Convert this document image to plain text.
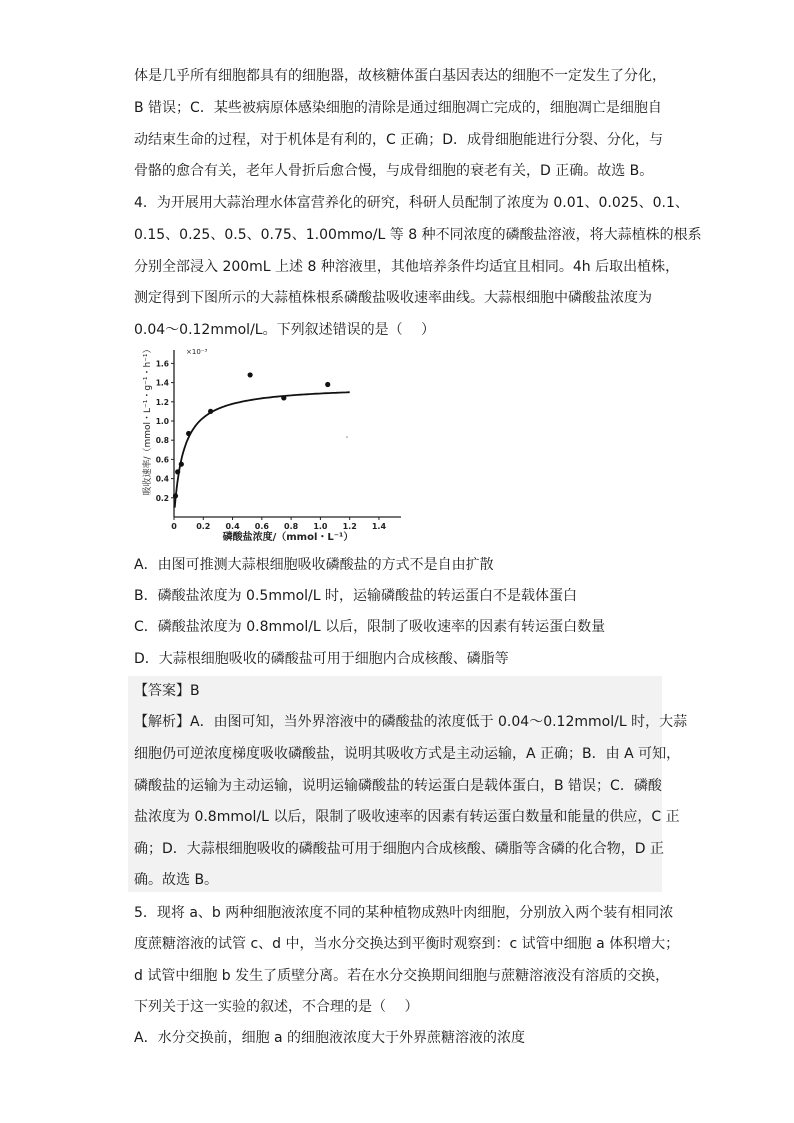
体是几乎所有细胞都具有的细胞器，故核糖体蛋白基因表达的细胞不一定发生了分化，
B 错误；C．某些被病原体感染细胞的清除是通过细胞凋亡完成的，细胞凋亡是细胞自
动结束生命的过程，对于机体是有利的，C 正确；D．成骨细胞能进行分裂、分化，与
骨骼的愈合有关，老年人骨折后愈合慢，与成骨细胞的衰老有关，D 正确。故选 B。
4．为开展用大蒜治理水体富营养化的研究，科研人员配制了浓度为 0.01、0.025、0.1、
0.15、0.25、0.5、0.75、1.00mmo/L 等 8 种不同浓度的磷酸盐溶液，将大蒜植株的根系
分别全部浸入 200mL 上述 8 种溶液里，其他培养条件均适宜且相同。4h 后取出植株，
测定得到下图所示的大蒜植株根系磷酸盐吸收速率曲线。大蒜根细胞中磷酸盐浓度为
0.04～0.12mmol/L。下列叙述错误的是（　 ）
吸收速率/（mmol・L⁻¹・g⁻¹・h⁻¹）	×10⁻³
0 0.2 0.4 0.6 0.8 1.0 1.2 1.4
0.2
0.4
0.6
0.8
1.0
1.2
1.4
1.6
磷酸盐浓度/（mmol・L⁻¹）
A．由图可推测大蒜根细胞吸收磷酸盐的方式不是自由扩散
B．磷酸盐浓度为 0.5mmol/L 时，运输磷酸盐的转运蛋白不是载体蛋白
C．磷酸盐浓度为 0.8mmol/L 以后，限制了吸收速率的因素有转运蛋白数量
D．大蒜根细胞吸收的磷酸盐可用于细胞内合成核酸、磷脂等
【答案】B
【解析】A．由图可知，当外界溶液中的磷酸盐的浓度低于 0.04～0.12mmol/L 时，大蒜
细胞仍可逆浓度梯度吸收磷酸盐，说明其吸收方式是主动运输，A 正确；B．由 A 可知，
磷酸盐的运输为主动运输，说明运输磷酸盐的转运蛋白是载体蛋白，B 错误；C．磷酸
盐浓度为 0.8mmol/L 以后，限制了吸收速率的因素有转运蛋白数量和能量的供应，C 正
确；D．大蒜根细胞吸收的磷酸盐可用于细胞内合成核酸、磷脂等含磷的化合物，D 正
确。故选 B。
5．现将 a、b 两种细胞液浓度不同的某种植物成熟叶肉细胞，分别放入两个装有相同浓
度蔗糖溶液的试管 c、d 中，当水分交换达到平衡时观察到：c 试管中细胞 a 体积增大；
d 试管中细胞 b 发生了质壁分离。若在水分交换期间细胞与蔗糖溶液没有溶质的交换，
下列关于这一实验的叙述，不合理的是（　 ）
A．水分交换前，细胞 a 的细胞液浓度大于外界蔗糖溶液的浓度
